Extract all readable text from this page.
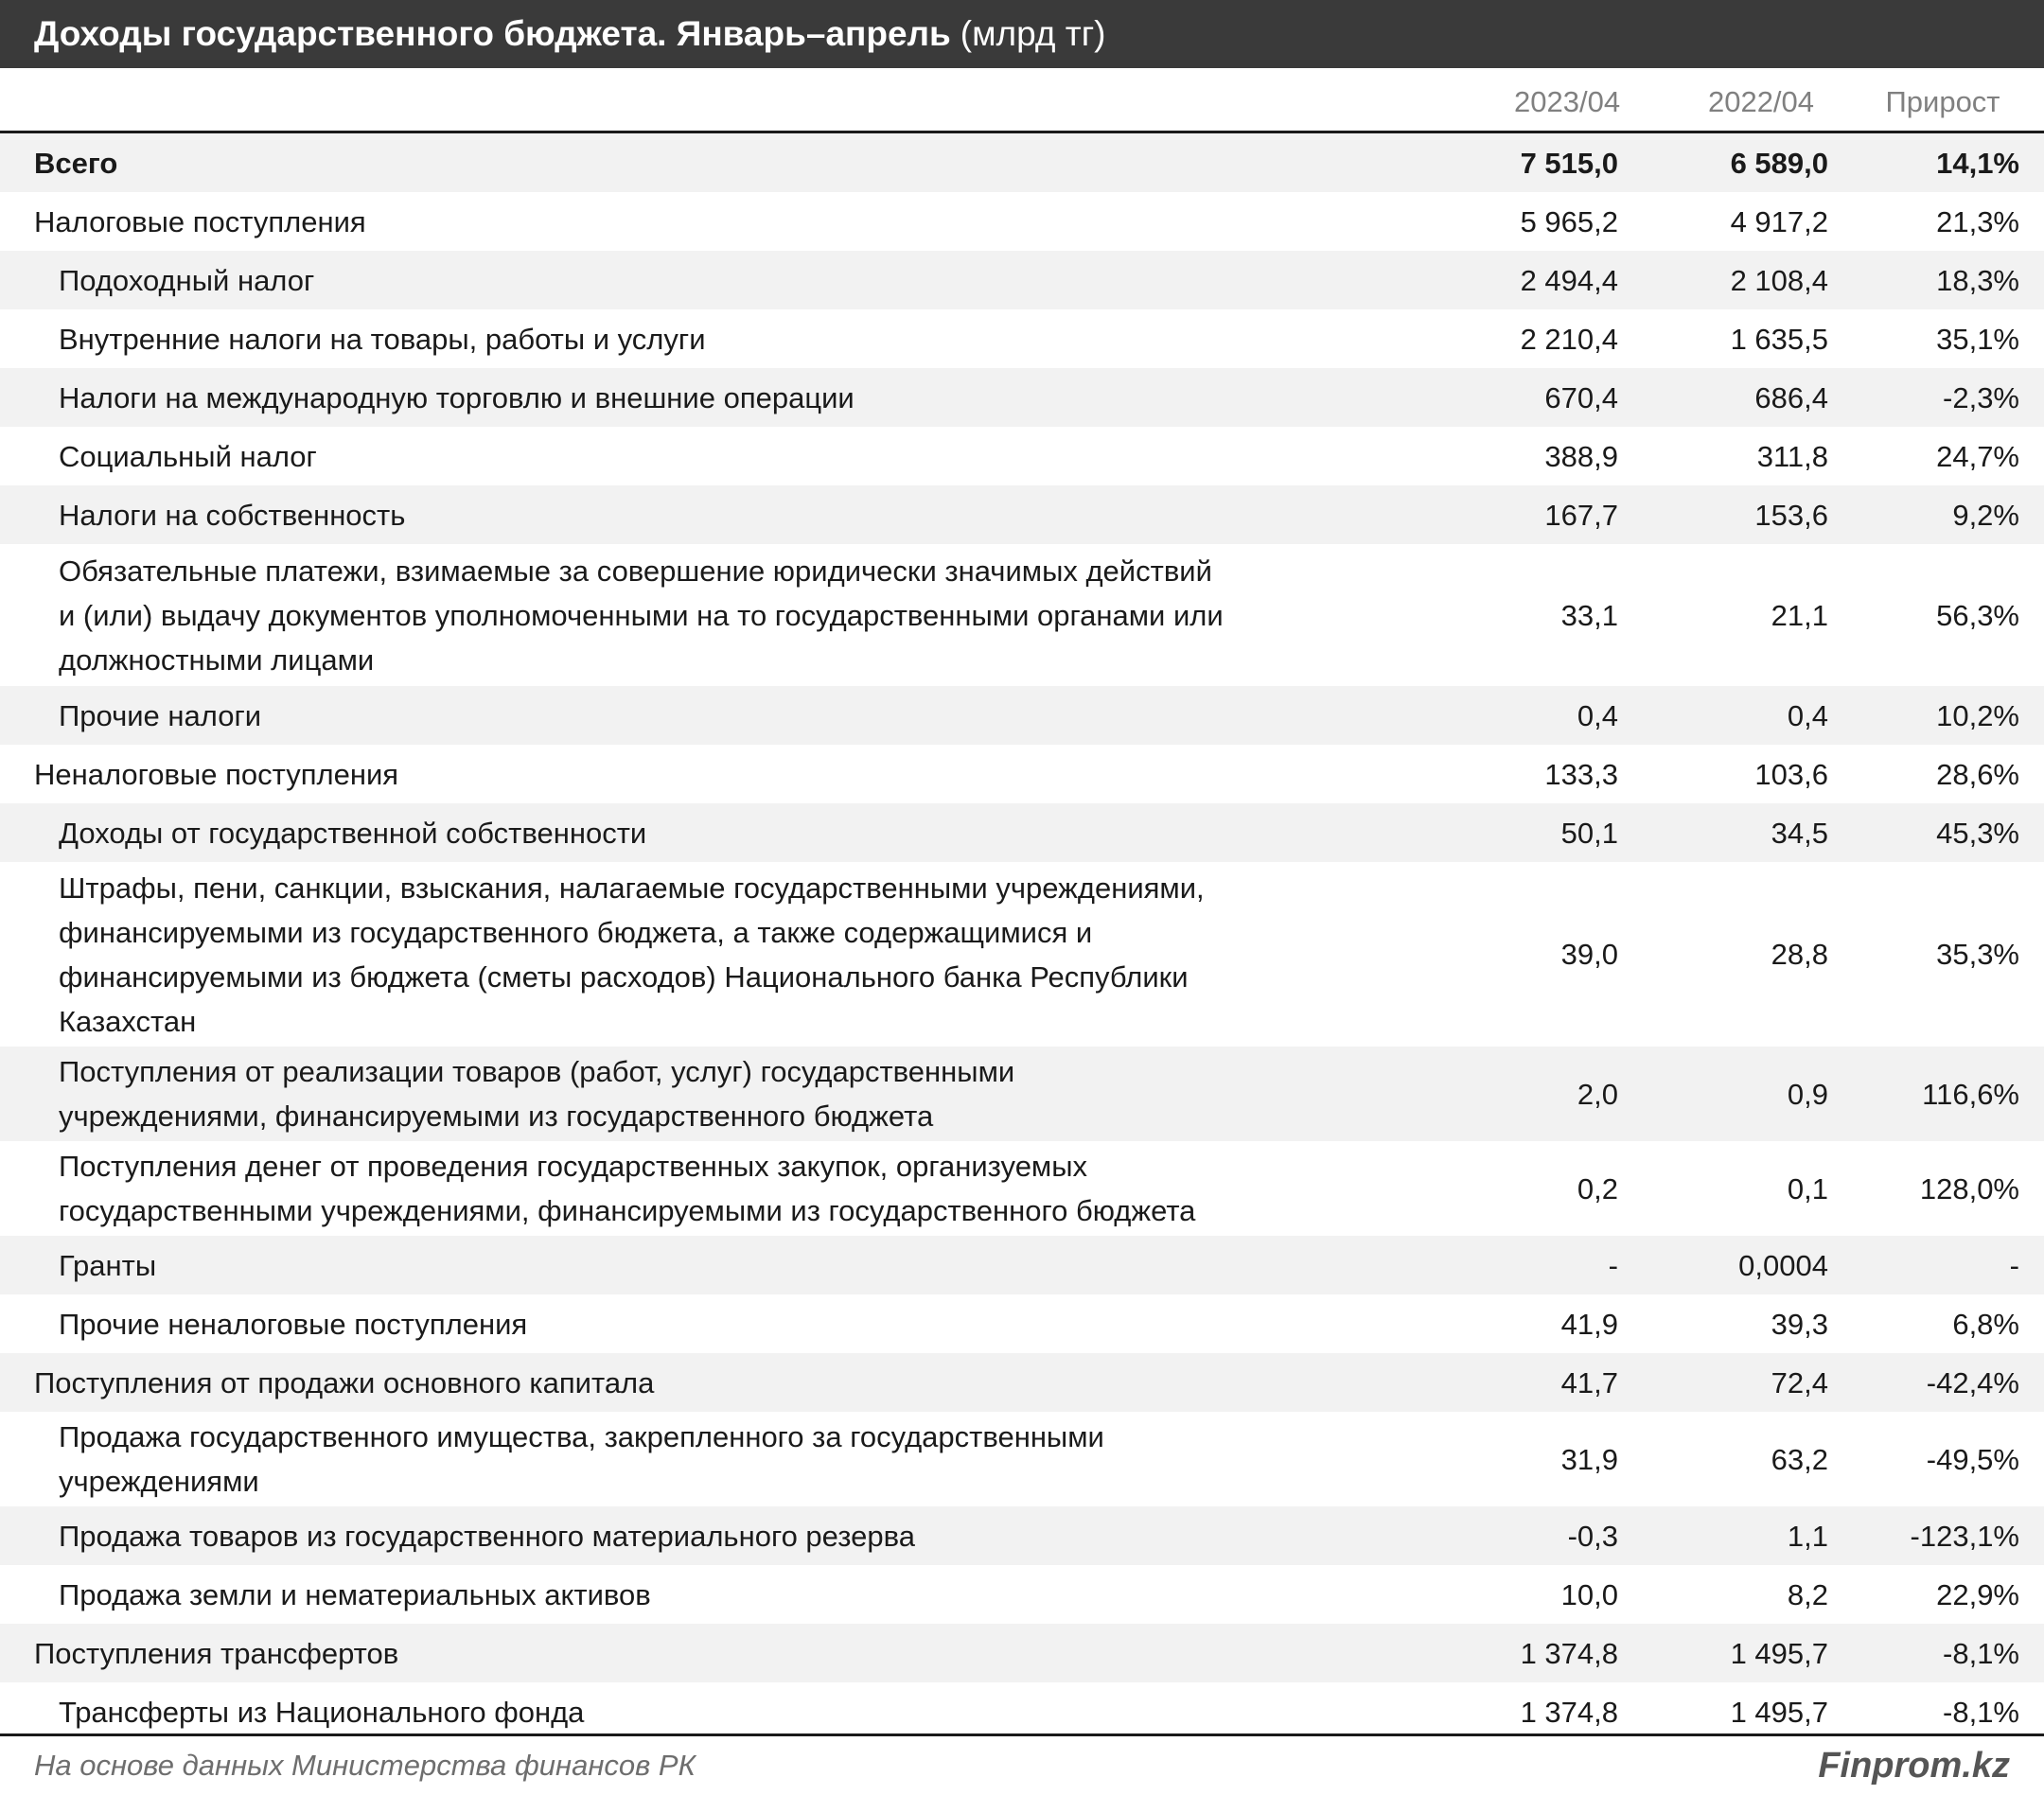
Доходы государственного бюджета. Январь–апрель (млрд тг)
2023/04	2022/04	Прирост
Всего	7 515,0	6 589,0	14,1%
Налоговые поступления	5 965,2	4 917,2	21,3%
Подоходный налог	2 494,4	2 108,4	18,3%
Внутренние налоги на товары, работы и услуги	2 210,4	1 635,5	35,1%
Налоги на международную торговлю и внешние операции	670,4	686,4	-2,3%
Социальный налог	388,9	311,8	24,7%
Налоги на собственность	167,7	153,6	9,2%
Обязательные платежи, взимаемые за совершение юридически значимых действий и (или) выдачу документов уполномоченными на то государственными органами или должностными лицами
33,1	21,1	56,3%
Прочие налоги	0,4	0,4	10,2%
Неналоговые поступления	133,3	103,6	28,6%
Доходы от государственной собственности	50,1	34,5	45,3%
Штрафы, пени, санкции, взыскания, налагаемые государственными учреждениями, финансируемыми из государственного бюджета, а также содержащимися и финансируемыми из бюджета (сметы расходов) Национального банка Республики Казахстан
39,0	28,8	35,3%
Поступления от реализации товаров (работ, услуг) государственными учреждениями, финансируемыми из государственного бюджета
2,0	0,9	116,6%
Поступления денег от проведения государственных закупок, организуемых государственными учреждениями, финансируемыми из государственного бюджета
0,2	0,1	128,0%
Гранты	-	0,0004	-
Прочие неналоговые поступления	41,9	39,3	6,8%
Поступления от продажи основного капитала	41,7	72,4	-42,4%
Продажа государственного имущества, закрепленного за государственными учреждениями
31,9	63,2	-49,5%
Продажа товаров из государственного материального резерва	-0,3	1,1	-123,1%
Продажа земли и нематериальных активов	10,0	8,2	22,9%
Поступления трансфертов	1 374,8	1 495,7	-8,1%
Трансферты из Национального фонда	1 374,8	1 495,7	-8,1%
На основе данных Министерства финансов РК	Finprom.kz
